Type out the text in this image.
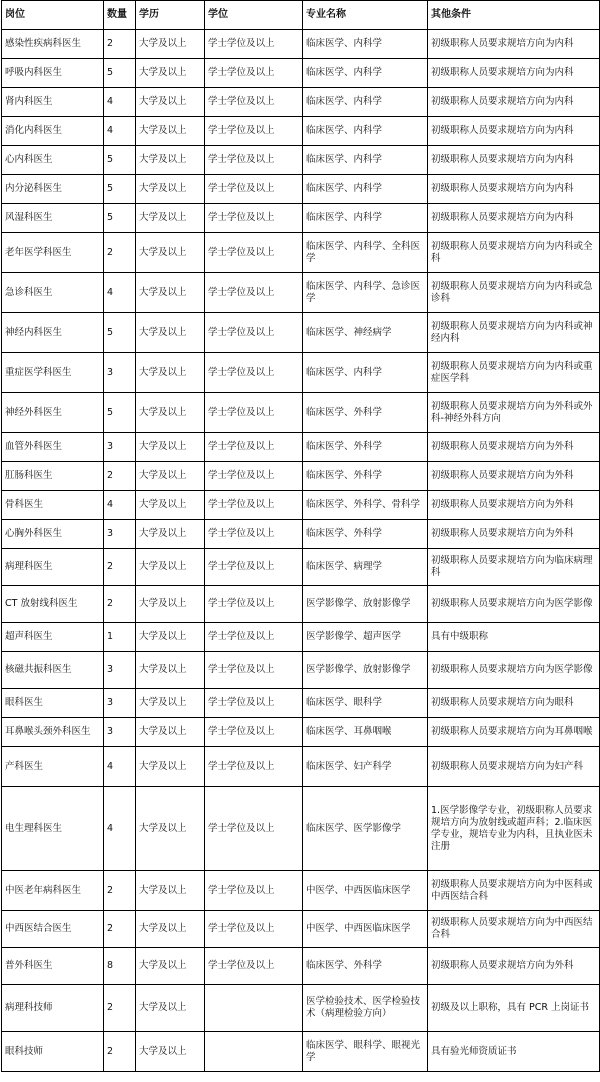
岗位	数量	学历	学位	专业名称	其他条件
感染性疾病科医生	2	大学及以上	学士学位及以上	临床医学、内科学	初级职称人员要求规培方向为内科
呼吸内科医生	5	大学及以上	学士学位及以上	临床医学、内科学	初级职称人员要求规培方向为内科
肾内科医生	4	大学及以上	学士学位及以上	临床医学、内科学	初级职称人员要求规培方向为内科
消化内科医生	4	大学及以上	学士学位及以上	临床医学、内科学	初级职称人员要求规培方向为内科
心内科医生	5	大学及以上	学士学位及以上	临床医学、内科学	初级职称人员要求规培方向为内科
内分泌科医生	5	大学及以上	学士学位及以上	临床医学、内科学	初级职称人员要求规培方向为内科
风湿科医生	5	大学及以上	学士学位及以上	临床医学、内科学	初级职称人员要求规培方向为内科
老年医学科医生	2	大学及以上	学士学位及以上	临床医学、内科学、全科医学	初级职称人员要求规培方向为内科或全科
急诊科医生	4	大学及以上	学士学位及以上	临床医学、内科学、急诊医学	初级职称人员要求规培方向为内科或急诊科
神经内科医生	5	大学及以上	学士学位及以上	临床医学、神经病学	初级职称人员要求规培方向为内科或神经内科
重症医学科医生	3	大学及以上	学士学位及以上	临床医学、内科学	初级职称人员要求规培方向为内科或重症医学科
神经外科医生	5	大学及以上	学士学位及以上	临床医学、外科学	初级职称人员要求规培方向为外科或外科-神经外科方向
血管外科医生	3	大学及以上	学士学位及以上	临床医学、外科学	初级职称人员要求规培方向为外科
肛肠科医生	2	大学及以上	学士学位及以上	临床医学、外科学	初级职称人员要求规培方向为外科
骨科医生	4	大学及以上	学士学位及以上	临床医学、外科学、骨科学	初级职称人员要求规培方向为外科
心胸外科医生	3	大学及以上	学士学位及以上	临床医学、外科学	初级职称人员要求规培方向为外科
病理科医生	2	大学及以上	学士学位及以上	临床医学、病理学	初级职称人员要求规培方向为临床病理科
CT 放射线科医生	2	大学及以上	学士学位及以上	医学影像学、放射影像学	初级职称人员要求规培方向为医学影像
超声科医生	1	大学及以上	学士学位及以上	医学影像学、超声医学	具有中级职称
核磁共振科医生	3	大学及以上	学士学位及以上	医学影像学、放射影像学	初级职称人员要求规培方向为医学影像
眼科医生	3	大学及以上	学士学位及以上	临床医学、眼科学	初级职称人员要求规培方向为眼科
耳鼻喉头颈外科医生	3	大学及以上	学士学位及以上	临床医学、耳鼻咽喉	初级职称人员要求规培方向为耳鼻咽喉
产科医生	4	大学及以上	学士学位及以上	临床医学、妇产科学	初级职称人员要求规培方向为妇产科
电生理科医生	4	大学及以上	学士学位及以上	临床医学、医学影像学	1.医学影像学专业，初级职称人员要求规培方向为放射线或超声科；2.临床医学专业，规培专业为内科，且执业医未注册
中医老年病科医生	2	大学及以上	学士学位及以上	中医学、中西医临床医学	初级职称人员要求规培方向为中医科或中西医结合科
中西医结合医生	2	大学及以上	学士学位及以上	中医学、中西医临床医学	初级职称人员要求规培方向为中西医结合科
普外科医生	8	大学及以上	学士学位及以上	临床医学、外科学	初级职称人员要求规培方向为外科
病理科技师	2	大学及以上		医学检验技术、医学检验技术（病理检验方向）	初级及以上职称，具有 PCR 上岗证书
眼科技师	2	大学及以上		临床医学、眼科学、眼视光学	具有验光师资质证书
